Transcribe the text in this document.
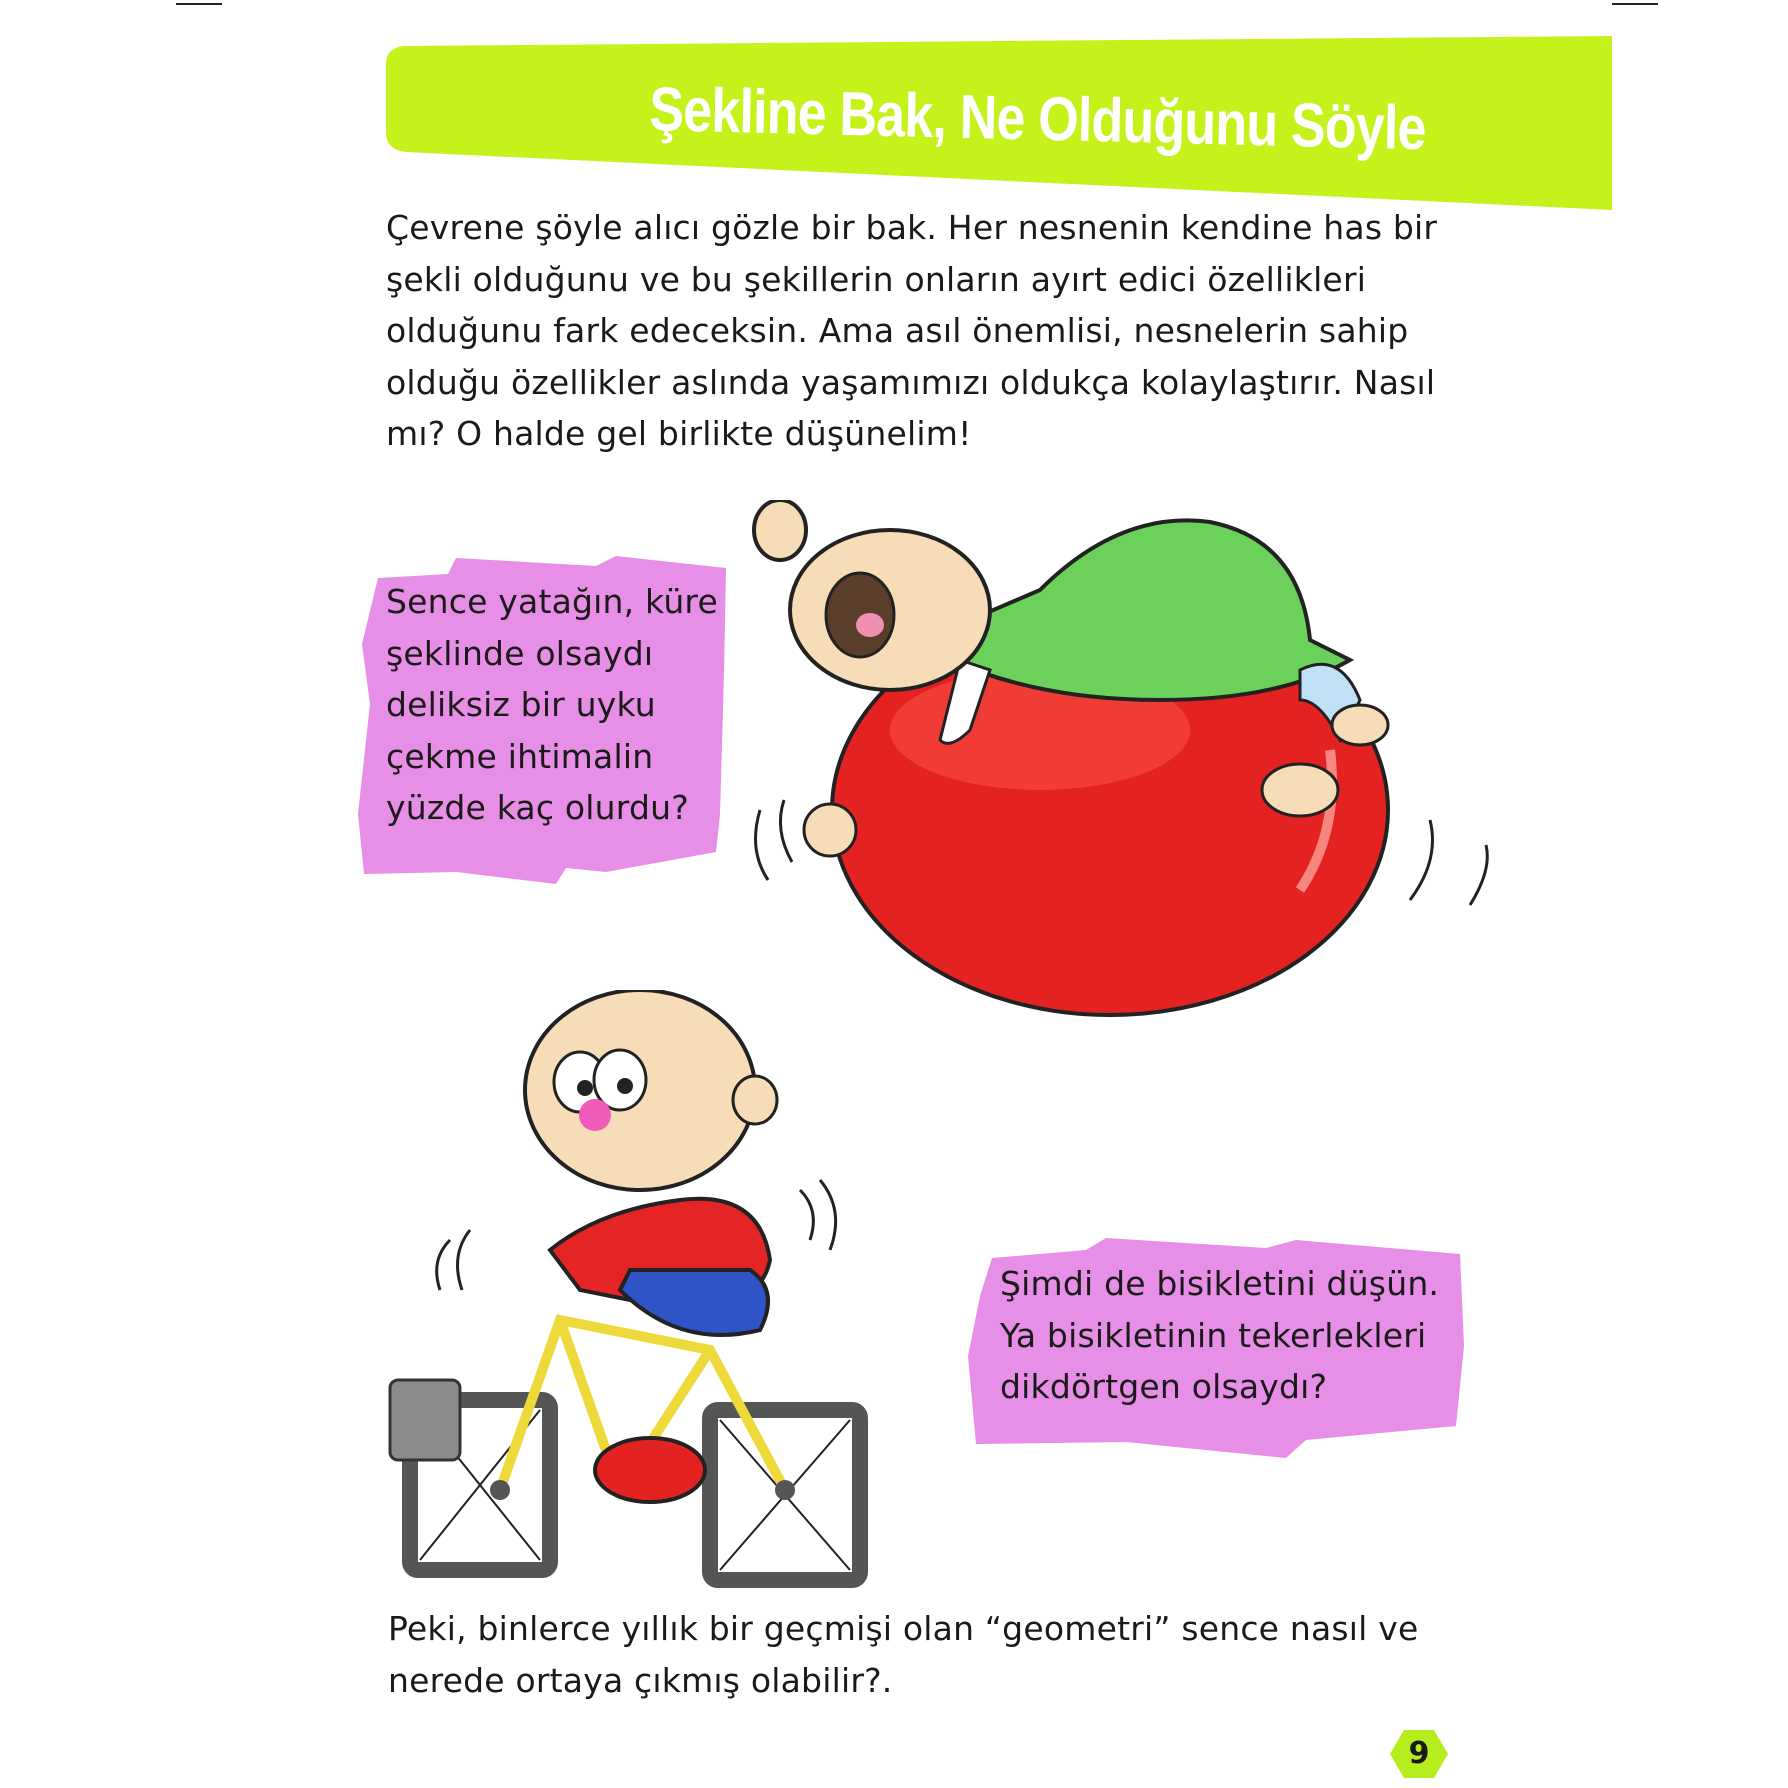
Şekline Bak, Ne Olduğunu Söyle

Çevrene şöyle alıcı gözle bir bak. Her nesnenin kendine has bir şekli olduğunu ve bu şekillerin onların ayırt edici özellikleri olduğunu fark edeceksin. Ama asıl önemlisi, nesnelerin sahip olduğu özellikler aslında yaşamımızı oldukça kolaylaştırır. Nasıl mı? O halde gel birlikte düşünelim!

Sence yatağın, küre şeklinde olsaydı deliksiz bir uyku çekme ihtimalin yüzde kaç olurdu?

Şimdi de bisikletini düşün. Ya bisikletinin tekerlekleri dikdörtgen olsaydı?

Peki, binlerce yıllık bir geçmişi olan “geometri” sence nasıl ve nerede ortaya çıkmış olabilir?.

9
